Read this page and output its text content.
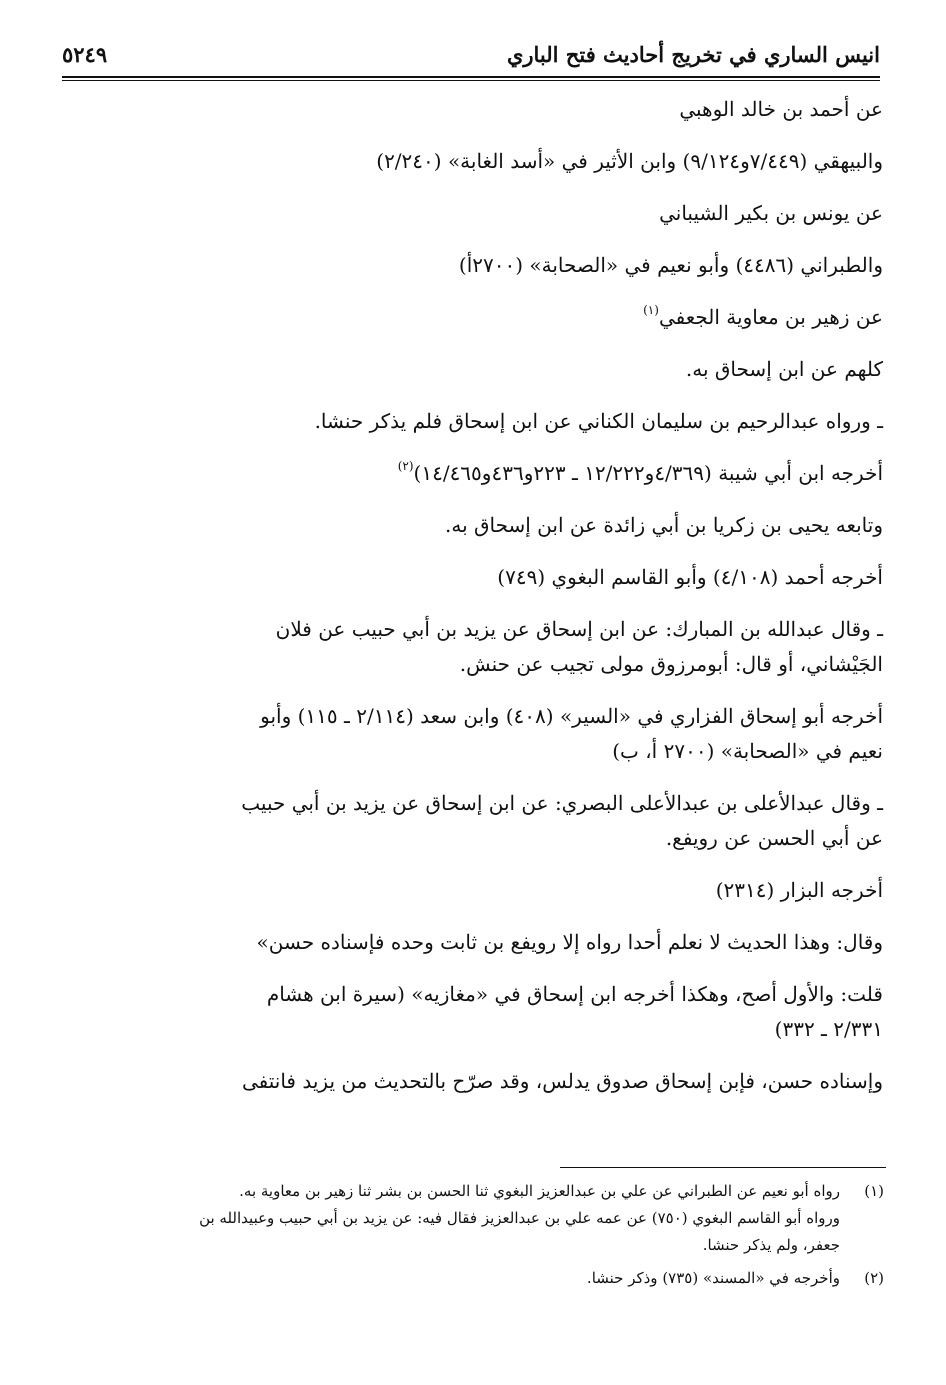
انيس الساري في تخريج أحاديث فتح الباري
٥٢٤٩
عن أحمد بن خالد الوهبي
والبيهقي (٧/٤٤٩و٩/١٢٤) وابن الأثير في «أسد الغابة» (٢/٢٤٠)
عن يونس بن بكير الشيباني
والطبراني (٤٤٨٦) وأبو نعيم في «الصحابة» (٢٧٠٠أ)
عن زهير بن معاوية الجعفي$^{(١)}$
كلهم عن ابن إسحاق به.
ـ ورواه عبدالرحيم بن سليمان الكناني عن ابن إسحاق فلم يذكر حنشا.
أخرجه ابن أبي شيبة (٤/٣٦٩و١٢/٢٢٢ ـ ٢٢٣و٤٣٦و١٤/٤٦٥)$^{(٢)}$
وتابعه يحيى بن زكريا بن أبي زائدة عن ابن إسحاق به.
أخرجه أحمد (٤/١٠٨) وأبو القاسم البغوي (٧٤٩)
ـ وقال عبدالله بن المبارك: عن ابن إسحاق عن يزيد بن أبي حبيب عن فلان
الجَيْشاني، أو قال: أبومرزوق مولى تجيب عن حنش.
أخرجه أبو إسحاق الفزاري في «السير» (٤٠٨) وابن سعد (٢/١١٤ ـ ١١٥) وأبو
نعيم في «الصحابة» (٢٧٠٠ أ، ب)
ـ وقال عبدالأعلى بن عبدالأعلى البصري: عن ابن إسحاق عن يزيد بن أبي حبيب
عن أبي الحسن عن رويفع.
أخرجه البزار (٢٣١٤)
وقال: وهذا الحديث لا نعلم أحدا رواه إلا رويفع بن ثابت وحده فإسناده حسن»
قلت: والأول أصح، وهكذا أخرجه ابن إسحاق في «مغازيه» (سيرة ابن هشام
٢/٣٣١ ـ ٣٣٢)
وإسناده حسن، فإبن إسحاق صدوق يدلس، وقد صرّح بالتحديث من يزيد فانتفى
(١)
رواه أبو نعيم عن الطبراني عن علي بن عبدالعزيز البغوي ثنا الحسن بن بشر ثنا زهير بن معاوية به.
ورواه أبو القاسم البغوي (٧٥٠) عن عمه علي بن عبدالعزيز فقال فيه: عن يزيد بن أبي حبيب وعبيدالله بن
جعفر، ولم يذكر حنشا.
(٢)
وأخرجه في «المسند» (٧٣٥) وذكر حنشا.
